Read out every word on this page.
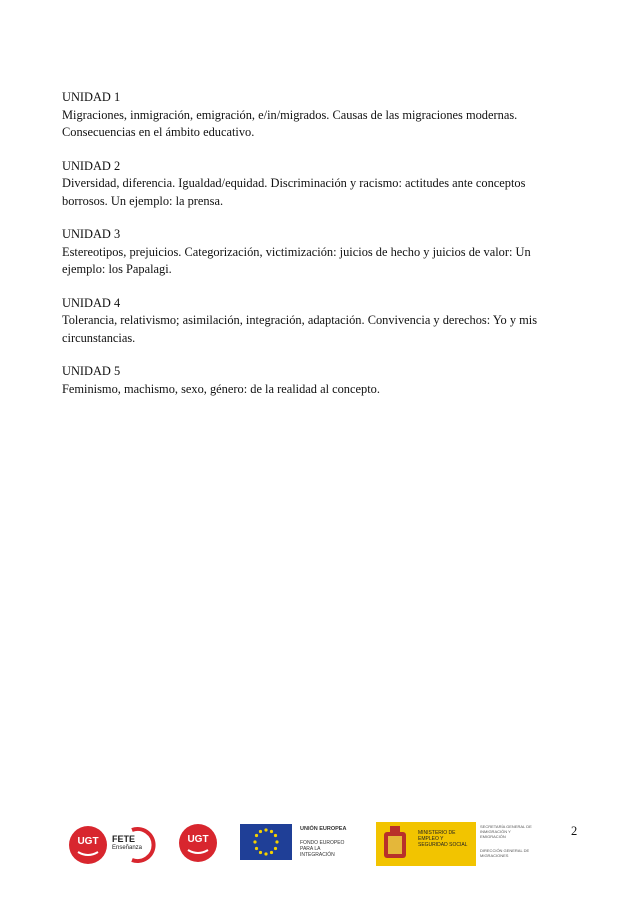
UNIDAD 1
Migraciones, inmigración, emigración, e/in/migrados. Causas de las migraciones modernas. Consecuencias en el ámbito educativo.
UNIDAD 2
Diversidad, diferencia. Igualdad/equidad. Discriminación y racismo: actitudes ante conceptos borrosos. Un ejemplo: la prensa.
UNIDAD 3
Estereotipos, prejuicios. Categorización, victimización: juicios de hecho y juicios de valor: Un ejemplo: los Papalagi.
UNIDAD 4
Tolerancia, relativismo; asimilación, integración, adaptación. Convivencia y derechos: Yo y mis circunstancias.
UNIDAD 5
Feminismo, machismo, sexo, género: de la realidad al concepto.
2
UGT FETE
Enseñanza
UGT
UNIÓN EUROPEA
FONDO EUROPEO PARA LA INTEGRACIÓN
MINISTERIO DE EMPLEO Y SEGURIDAD SOCIAL
SECRETARÍA GENERAL DE INMIGRACIÓN Y EMIGRACIÓN
DIRECCIÓN GENERAL DE MIGRACIONES
